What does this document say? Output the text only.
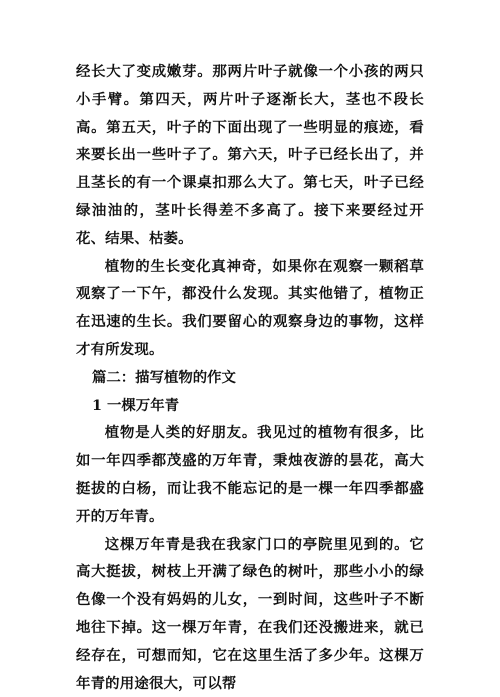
经长大了变成嫩芽。那两片叶子就像一个小孩的两只小手臂。第四天，两片叶子逐渐长大，茎也不段长高。第五天，叶子的下面出现了一些明显的痕迹，看来要长出一些叶子了。第六天，叶子已经长出了，并且茎长的有一个课桌扣那么大了。第七天，叶子已经绿油油的，茎叶长得差不多高了。接下来要经过开花、结果、枯萎。

植物的生长变化真神奇，如果你在观察一颗稻草观察了一下午，都没什么发现。其实他错了，植物正在迅速的生长。我们要留心的观察身边的事物，这样才有所发现。

篇二：描写植物的作文

1 一棵万年青

植物是人类的好朋友。我见过的植物有很多，比如一年四季都茂盛的万年青，秉烛夜游的昙花，高大挺拔的白杨，而让我不能忘记的是一棵一年四季都盛开的万年青。

这棵万年青是我在我家门口的亭院里见到的。它高大挺拔，树枝上开满了绿色的树叶，那些小小的绿色像一个没有妈妈的儿女，一到时间，这些叶子不断地往下掉。这一棵万年青，在我们还没搬进来，就已经存在，可想而知，它在这里生活了多少年。这棵万年青的用途很大，可以帮
